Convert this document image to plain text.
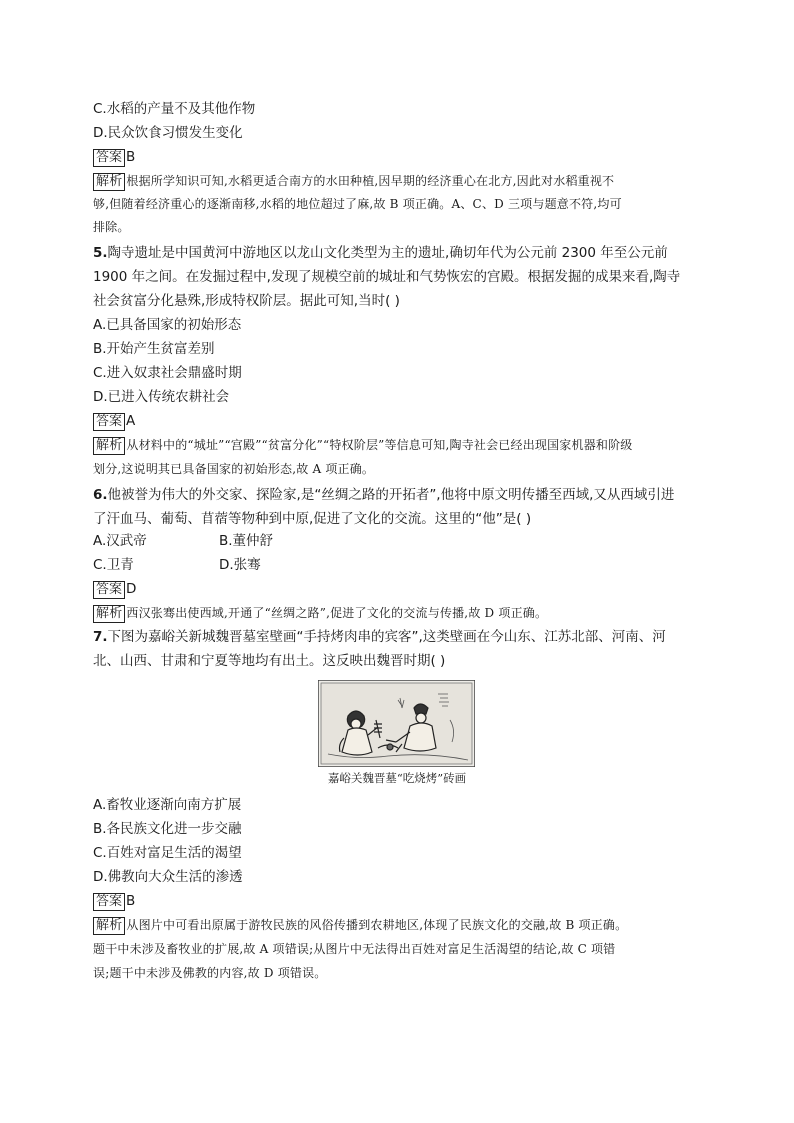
C.水稻的产量不及其他作物
D.民众饮食习惯发生变化
答案 B
解析 根据所学知识可知,水稻更适合南方的水田种植,因早期的经济重心在北方,因此对水稻重视不
够,但随着经济重心的逐渐南移,水稻的地位超过了麻,故 B 项正确。A、C、D 三项与题意不符,均可
排除。
5.陶寺遗址是中国黄河中游地区以龙山文化类型为主的遗址,确切年代为公元前 2300 年至公元前
1900 年之间。在发掘过程中,发现了规模空前的城址和气势恢宏的宫殿。根据发掘的成果来看,陶寺
社会贫富分化悬殊,形成特权阶层。据此可知,当时( )
A.已具备国家的初始形态
B.开始产生贫富差别
C.进入奴隶社会鼎盛时期
D.已进入传统农耕社会
答案 A
解析 从材料中的“城址”“宫殿”“贫富分化”“特权阶层”等信息可知,陶寺社会已经出现国家机器和阶级
划分,这说明其已具备国家的初始形态,故 A 项正确。
6.他被誉为伟大的外交家、探险家,是“丝绸之路的开拓者”,他将中原文明传播至西域,又从西域引进
了汗血马、葡萄、苜蓿等物种到中原,促进了文化的交流。这里的“他”是( )
A.汉武帝	B.董仲舒
C.卫青	D.张骞
答案 D
解析 西汉张骞出使西域,开通了“丝绸之路”,促进了文化的交流与传播,故 D 项正确。
7.下图为嘉峪关新城魏晋墓室壁画“手持烤肉串的宾客”,这类壁画在今山东、江苏北部、河南、河
北、山西、甘肃和宁夏等地均有出土。这反映出魏晋时期( )
嘉峪关魏晋墓“吃烧烤”砖画
A.畜牧业逐渐向南方扩展
B.各民族文化进一步交融
C.百姓对富足生活的渴望
D.佛教向大众生活的渗透
答案 B
解析 从图片中可看出原属于游牧民族的风俗传播到农耕地区,体现了民族文化的交融,故 B 项正确。
题干中未涉及畜牧业的扩展,故 A 项错误;从图片中无法得出百姓对富足生活渴望的结论,故 C 项错
误;题干中未涉及佛教的内容,故 D 项错误。
